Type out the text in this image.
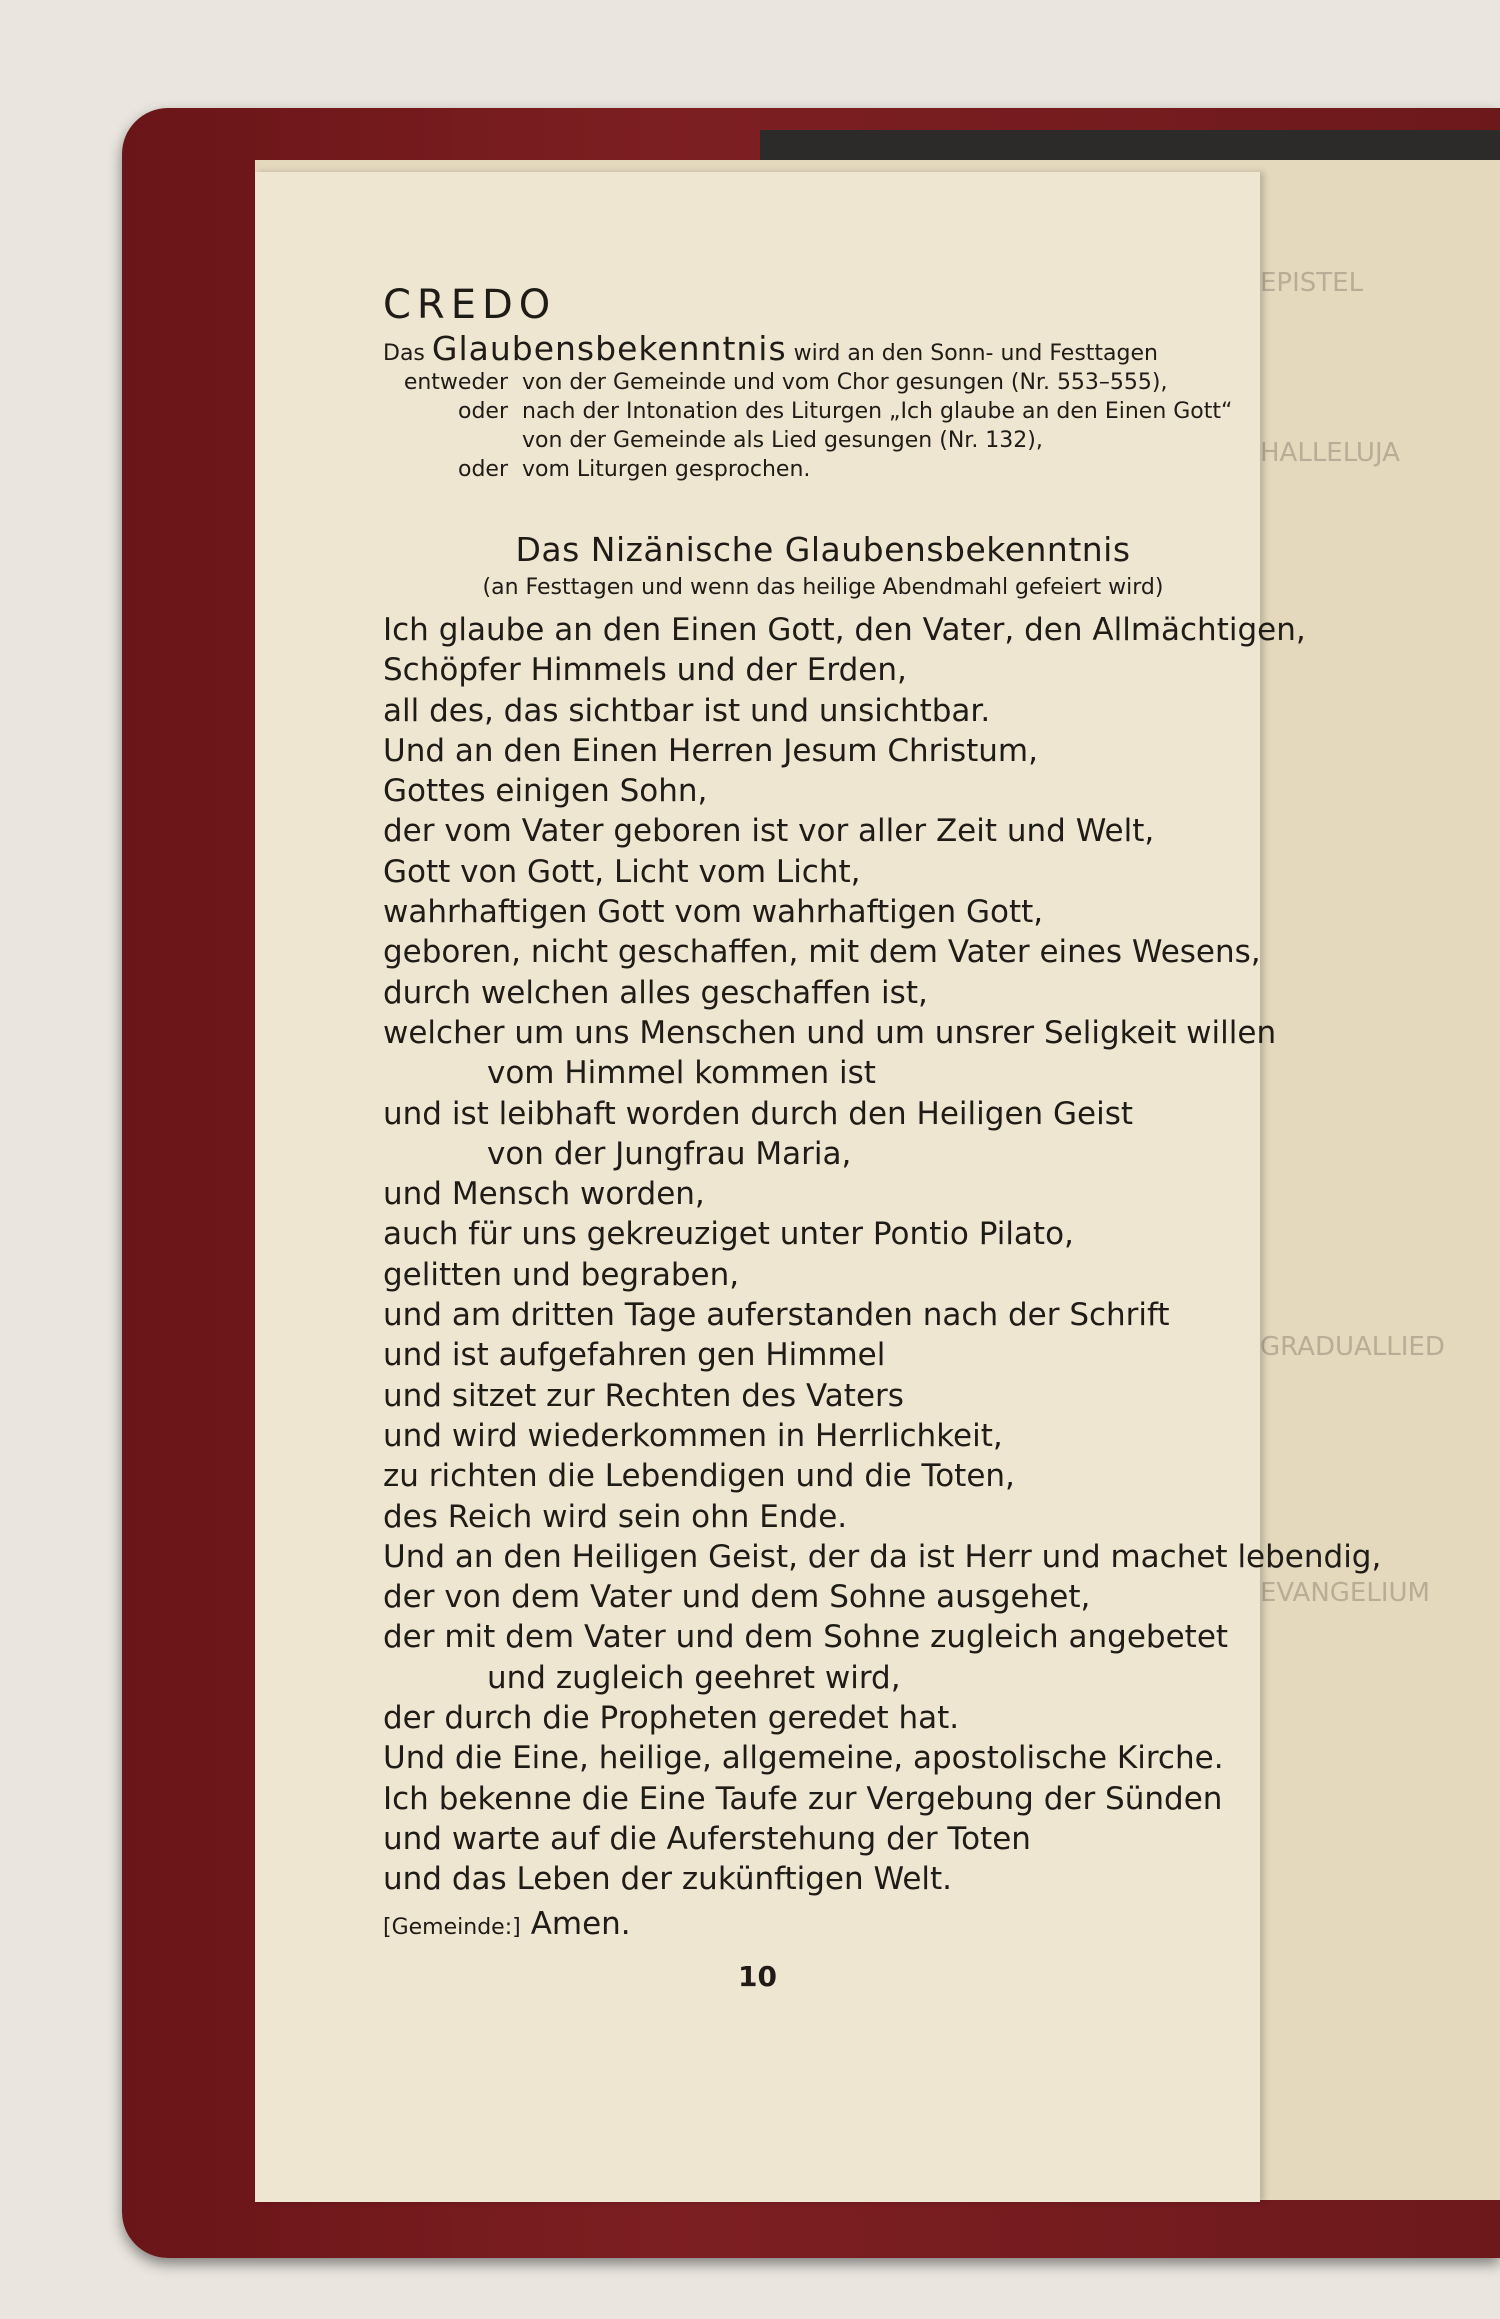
EPISTEL
HALLELUJA
GRADUALLIED
EVANGELIUM
CREDO
Das Glaubensbekenntnis wird an den Sonn- und Festtagen
entweder von der Gemeinde und vom Chor gesungen (Nr. 553–555),
oder nach der Intonation des Liturgen „Ich glaube an den Einen Gott“ von der Gemeinde als Lied gesungen (Nr. 132),
oder vom Liturgen gesprochen.
Das Nizänische Glaubensbekenntnis
(an Festtagen und wenn das heilige Abendmahl gefeiert wird)
Ich glaube an den Einen Gott, den Vater, den Allmächtigen,
Schöpfer Himmels und der Erden,
all des, das sichtbar ist und unsichtbar.
Und an den Einen Herren Jesum Christum,
Gottes einigen Sohn,
der vom Vater geboren ist vor aller Zeit und Welt,
Gott von Gott, Licht vom Licht,
wahrhaftigen Gott vom wahrhaftigen Gott,
geboren, nicht geschaffen, mit dem Vater eines Wesens,
durch welchen alles geschaffen ist,
welcher um uns Menschen und um unsrer Seligkeit willen
vom Himmel kommen ist
und ist leibhaft worden durch den Heiligen Geist
von der Jungfrau Maria,
und Mensch worden,
auch für uns gekreuziget unter Pontio Pilato,
gelitten und begraben,
und am dritten Tage auferstanden nach der Schrift
und ist aufgefahren gen Himmel
und sitzet zur Rechten des Vaters
und wird wiederkommen in Herrlichkeit,
zu richten die Lebendigen und die Toten,
des Reich wird sein ohn Ende.
Und an den Heiligen Geist, der da ist Herr und machet lebendig,
der von dem Vater und dem Sohne ausgehet,
der mit dem Vater und dem Sohne zugleich angebetet
und zugleich geehret wird,
der durch die Propheten geredet hat.
Und die Eine, heilige, allgemeine, apostolische Kirche.
Ich bekenne die Eine Taufe zur Vergebung der Sünden
und warte auf die Auferstehung der Toten
und das Leben der zukünftigen Welt.
[Gemeinde:] Amen.
10
